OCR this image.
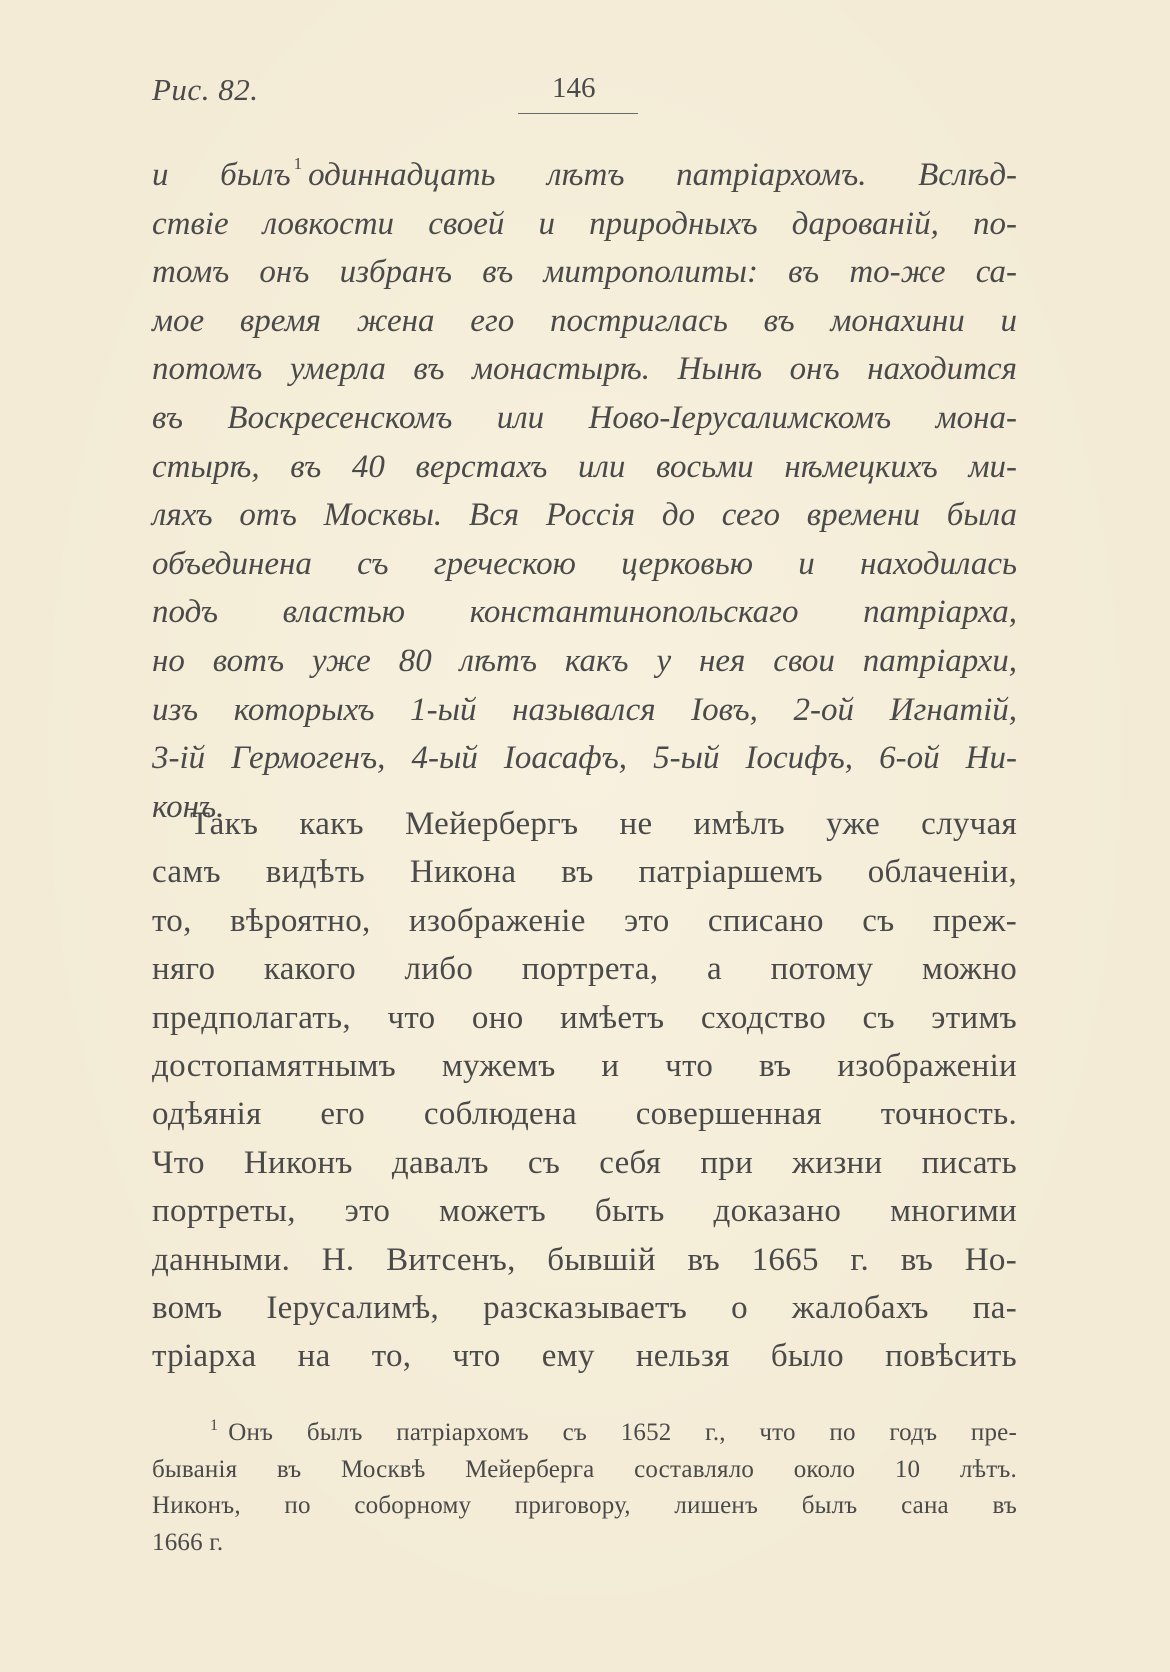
Рис. 82.	146
и былъ $^1$ одиннадцать лѣтъ патріархомъ. Вслѣд-
ствіе ловкости своей и природныхъ дарованій, по-
томъ онъ избранъ въ митрополиты: въ то-же са-
мое время жена его постриглась въ монахини и
потомъ умерла въ монастырѣ. Нынѣ онъ находится
въ Воскресенскомъ или Ново-Іерусалимскомъ мона-
стырѣ, въ 40 верстахъ или восьми нѣмецкихъ ми-
ляхъ отъ Москвы. Вся Россія до сего времени была
объединена съ греческою церковью и находилась
подъ властью константинопольскаго патріарха,
но вотъ уже 80 лѣтъ какъ у нея свои патріархи,
изъ которыхъ 1-ый назывался Іовъ, 2-ой Игнатій,
3-ій Гермогенъ, 4-ый Іоасафъ, 5-ый Іосифъ, 6-ой Ни-
конъ.
Такъ какъ Мейербергъ не имѣлъ уже случая
самъ видѣть Никона въ патріаршемъ облаченіи,
то, вѣроятно, изображеніе это списано съ преж-
няго какого либо портрета, а потому можно
предполагать, что оно имѣетъ сходство съ этимъ
достопамятнымъ мужемъ и что въ изображеніи
одѣянія его соблюдена совершенная точность.
Что Никонъ давалъ съ себя при жизни писать
портреты, это можетъ быть доказано многими
данными. Н. Витсенъ, бывшій въ 1665 г. въ Но-
вомъ Іерусалимѣ, разсказываетъ о жалобахъ па-
тріарха на то, что ему нельзя было повѣсить
$^1$ Онъ былъ патріархомъ съ 1652 г., что по годъ пре-
быванія въ Москвѣ Мейерберга составляло около 10 лѣтъ.
Никонъ, по соборному приговору, лишенъ былъ сана въ
1666 г.
